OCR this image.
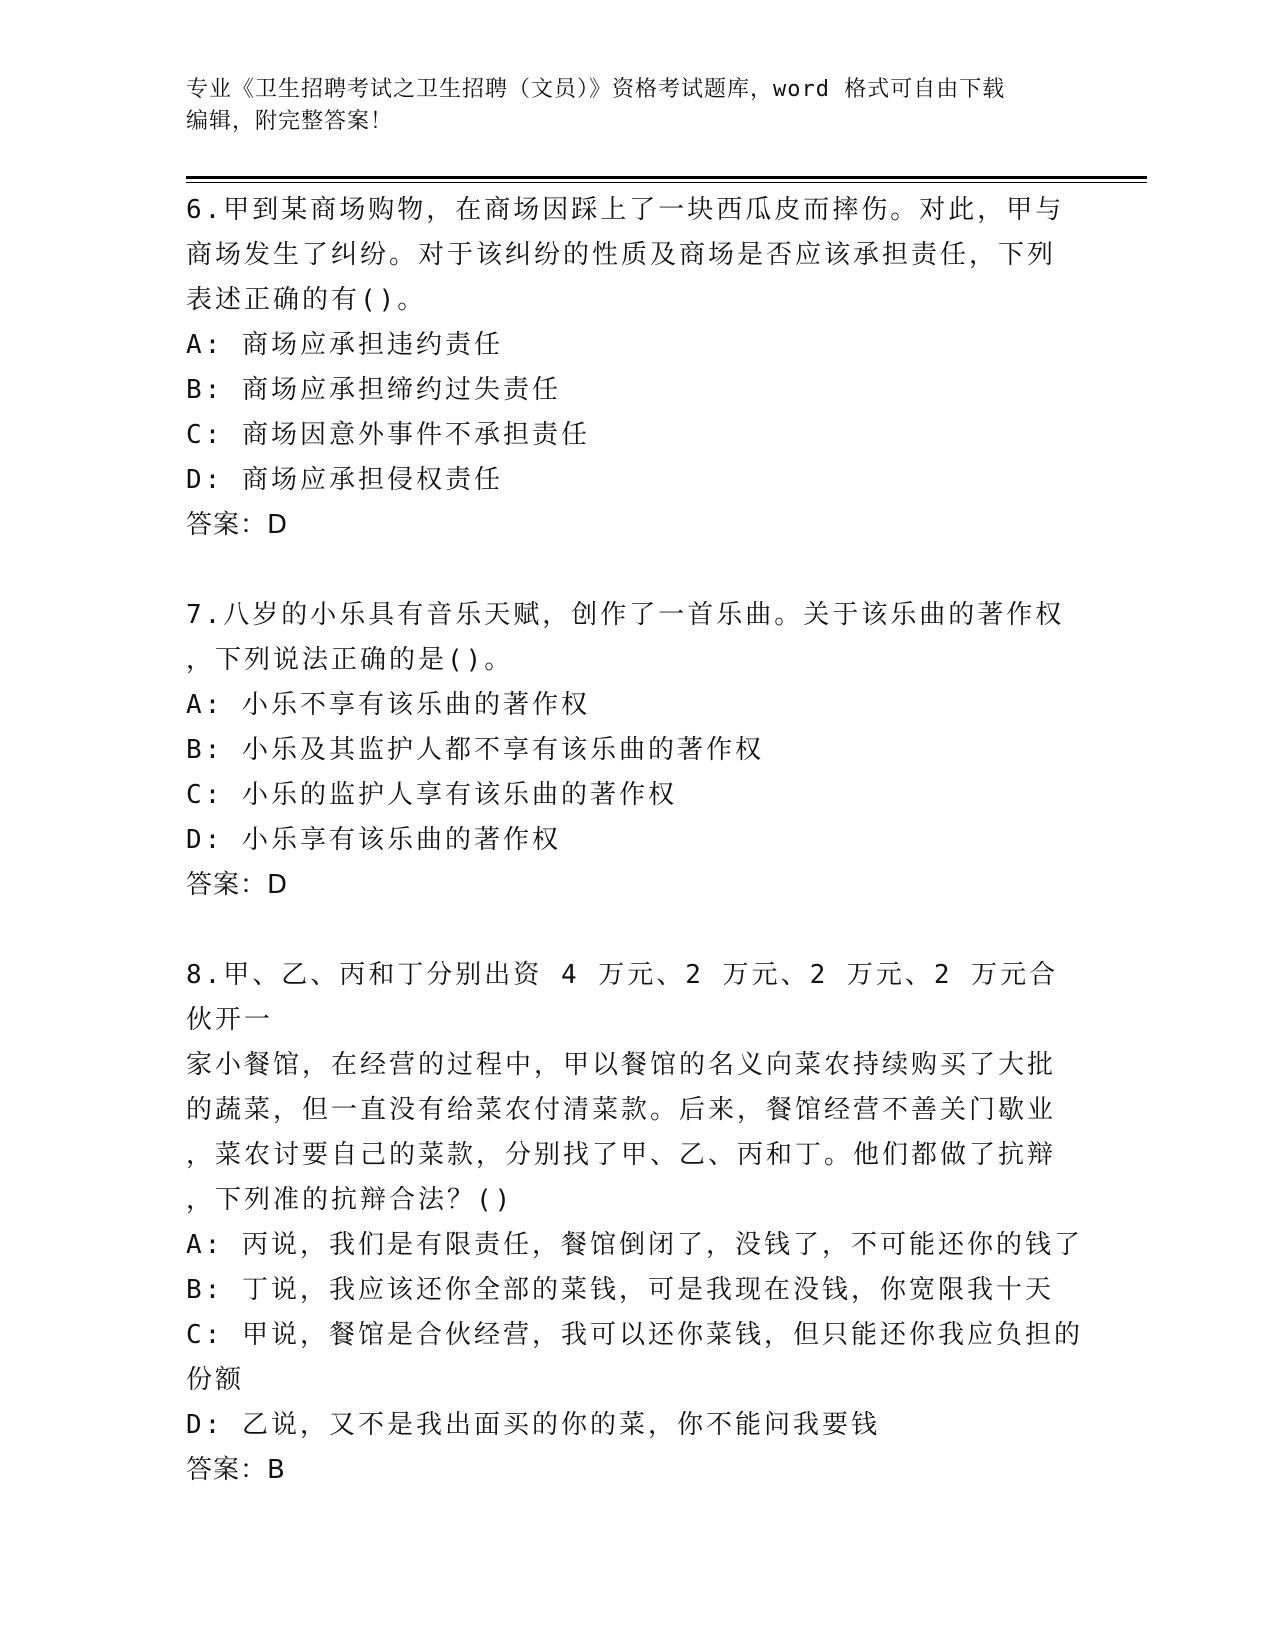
专业《卫生招聘考试之卫生招聘（文员）》资格考试题库，word 格式可自由下载
编辑，附完整答案！

6.甲到某商场购物，在商场因踩上了一块西瓜皮而摔伤。对此，甲与

商场发生了纠纷。对于该纠纷的性质及商场是否应该承担责任，下列

表述正确的有()。

A: 商场应承担违约责任

B: 商场应承担缔约过失责任

C: 商场因意外事件不承担责任

D: 商场应承担侵权责任

答案：D

7.八岁的小乐具有音乐天赋，创作了一首乐曲。关于该乐曲的著作权

，下列说法正确的是()。

A: 小乐不享有该乐曲的著作权

B: 小乐及其监护人都不享有该乐曲的著作权

C: 小乐的监护人享有该乐曲的著作权

D: 小乐享有该乐曲的著作权

答案：D

8.甲、乙、丙和丁分别出资 4 万元、2 万元、2 万元、2 万元合伙开一

家小餐馆，在经营的过程中，甲以餐馆的名义向菜农持续购买了大批

的蔬菜，但一直没有给菜农付清菜款。后来，餐馆经营不善关门歇业

，菜农讨要自己的菜款，分别找了甲、乙、丙和丁。他们都做了抗辩

，下列准的抗辩合法？()

A: 丙说，我们是有限责任，餐馆倒闭了，没钱了，不可能还你的钱了

B: 丁说，我应该还你全部的菜钱，可是我现在没钱，你宽限我十天

C: 甲说，餐馆是合伙经营，我可以还你菜钱，但只能还你我应负担的

份额

D: 乙说，又不是我出面买的你的菜，你不能问我要钱

答案：B
